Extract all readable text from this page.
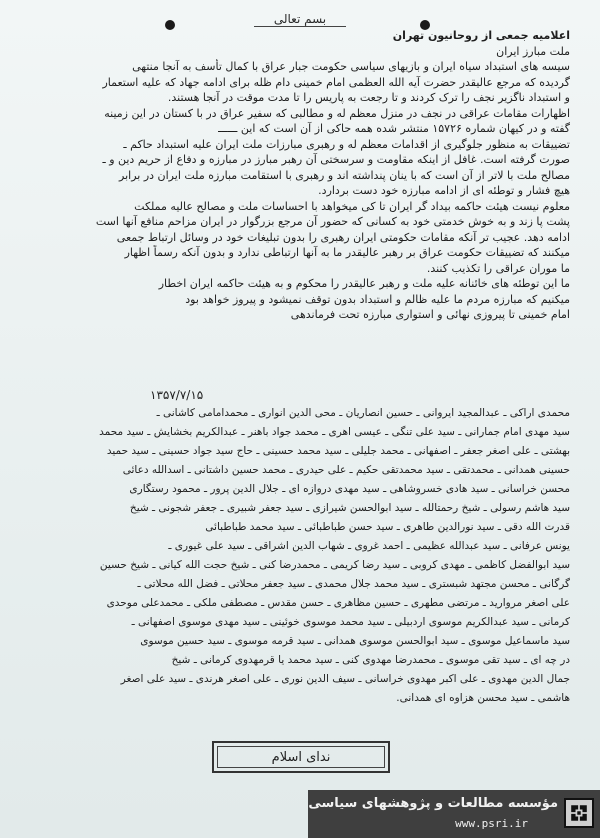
بسم تعالی
اعلامیه جمعی از روحانیون تهران
ملت مبارز ایران
سیسه های استبداد سیاه ایران و بازیهای سیاسی حکومت جبار عراق با کمال تأسف به آنجا منتهی
گردیده که مرجع عالیقدر حضرت آیه الله العظمی امام خمینی دام ظله برای ادامه جهاد که علیه استعمار
و استبداد ناگزیر نجف را ترک کردند و تا رجعت به پاریس را تا مدت موقت در آنجا هستند.
اظهارات مقامات عراقی در نجف در منزل معظم له و مطالبی که سفیر عراق در با کستان در این زمینه
گفته و در کیهان شماره ۱۵۷۲۶ منتشر شده همه حاکی از آن است که این ــــــ
تضییقات به منظور جلوگیری از اقدامات معظم له و رهبری مبارزات ملت ایران علیه استبداد حاکم ـ
صورت گرفته است. غافل از اینکه مقاومت و سرسختی آن رهبر مبارز در مبارزه و دفاع از حریم دین و ـ
مصالح ملت با لاتر از آن است که با ینان پنداشته اند و رهبری با استقامت مبارزه ملت ایران در برابر
هیچ فشار و توطئه ای از ادامه مبارزه خود دست بردارد.
معلوم نیست هیئت حاکمه بیداد گر ایران تا کی میخواهد با احساسات ملت و مصالح عالیه مملکت
پشت پا زند و به خوش خدمتی خود به کسانی که حضور آن مرجع بزرگوار در ایران مزاحم منافع آنها است
ادامه دهد. عجیب تر آنکه مقامات حکومتی ایران رهبری را بدون تبلیغات خود در وسائل ارتباط جمعی
میکنند که تضییقات حکومت عراق بر رهبر عالیقدر ما به آنها ارتباطی ندارد و بدون آنکه رسماً اظهار
ما موران عراقی را تکذیب کنند.
ما این توطئه های خائنانه علیه ملت و رهبر عالیقدر را محکوم و به هیئت حاکمه ایران اخطار
میکنیم که مبارزه مردم ما علیه ظالم و استبداد بدون توقف نمیشود و پیروز خواهد بود
امام خمینی تا پیروزی نهائی و استواری مبارزه تحت فرماندهی
۱۳۵۷/۷/۱۵
محمدی اراکی ـ عبدالمجید ایروانی ـ حسین انصاریان ـ محی الدین انواری ـ محمدامامی کاشانی ـ
سید مهدی امام جمارانی ـ سید علی تنگی ـ عیسی اهری ـ محمد جواد باهنر ـ عبدالکریم بخشایش ـ سید محمد
بهشتی ـ علی اصغر جعفر ـ اصفهانی ـ محمد جلیلی ـ سید محمد حسینی ـ حاج سید جواد حسینی ـ سید حمید
حسینی همدانی ـ محمدتقی ـ سید محمدتقی حکیم ـ علی حیدری ـ محمد حسین داشتانی ـ اسدالله دعائی
محسن خراسانی ـ سید هادی خسروشاهی ـ سید مهدی دروازه ای ـ جلال الدین پرور ـ محمود رستگاری
سید هاشم رسولی ـ شیخ رحمتالله ـ سید ابوالحسن شیرازی ـ سید جعفر شبیری ـ جعفر شجونی ـ شیخ
قدرت الله دقی ـ سید نورالدین طاهری ـ سید حسن طباطبائی ـ سید محمد طباطبائی
یونس عرفانی ـ سید عبدالله عظیمی ـ احمد غروی ـ شهاب الدین اشراقی ـ سید علی غیوری ـ
سید ابوالفضل کاظمی ـ مهدی کروبی ـ سید رضا کریمی ـ محمدرضا کنی ـ شیخ حجت الله کیانی ـ شیخ حسین
گرگانی ـ محسن مجتهد شبستری ـ سید محمد جلال محمدی ـ سید جعفر محلاتی ـ فضل الله محلاتی ـ
علی اصغر مروارید ـ مرتضی مطهری ـ حسین مظاهری ـ حسن مقدس ـ مصطفی ملکی ـ محمدعلی موحدی
کرمانی ـ سید عبدالکریم موسوی اردبیلی ـ سید محمد موسوی خوئینی ـ سید مهدی موسوی اصفهانی ـ
سید ماسماعیل موسوی ـ سید ابوالحسن موسوی همدانی ـ سید قرمه موسوی ـ سید حسین موسوی
در چه ای ـ سید تقی موسوی ـ محمدرضا مهدوی کنی ـ سید محمد یا قرمهدوی کرمانی ـ شیخ
جمال الدین مهدوی ـ علی اکبر مهدوی خراسانی ـ سیف الدین نوری ـ علی اصغر هرندی ـ سید علی اصغر
هاشمی ـ سید محسن هزاوه ای همدانی.
ندای اسلام
مؤسسه مطالعات و پژوهشهای سیاسی
www.psri.ir
